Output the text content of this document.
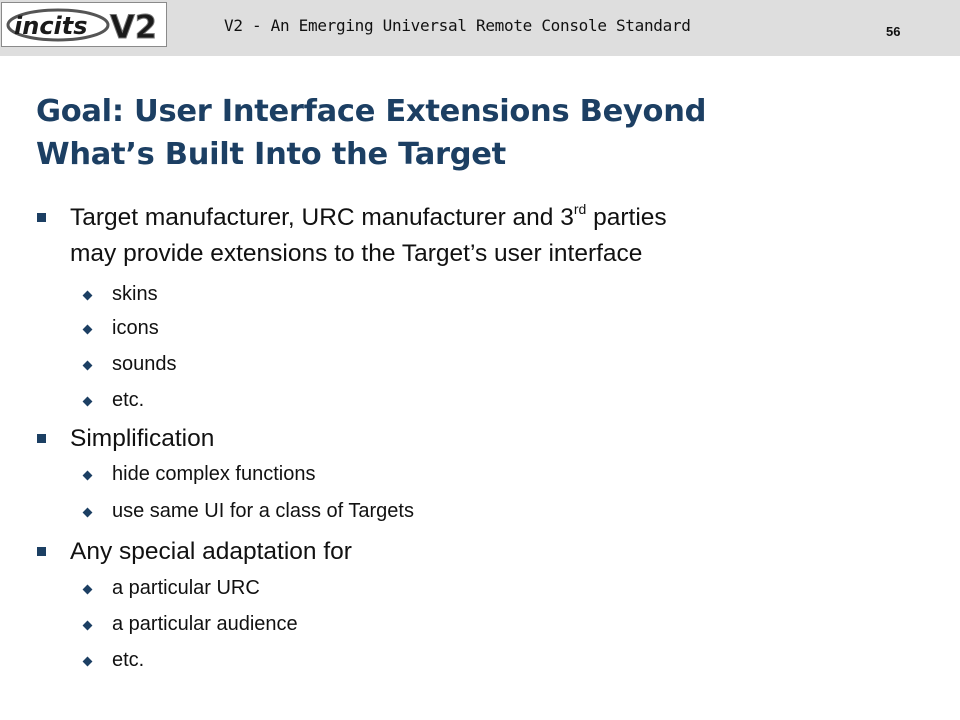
incits V2	V2 - An Emerging Universal Remote Console Standard	56
Goal: User Interface Extensions Beyond
What’s Built Into the Target
Target manufacturer, URC manufacturer and 3rd parties
may provide extensions to the Target’s user interface
skins
icons
sounds
etc.
Simplification
hide complex functions
use same UI for a class of Targets
Any special adaptation for
a particular URC
a particular audience
etc.
